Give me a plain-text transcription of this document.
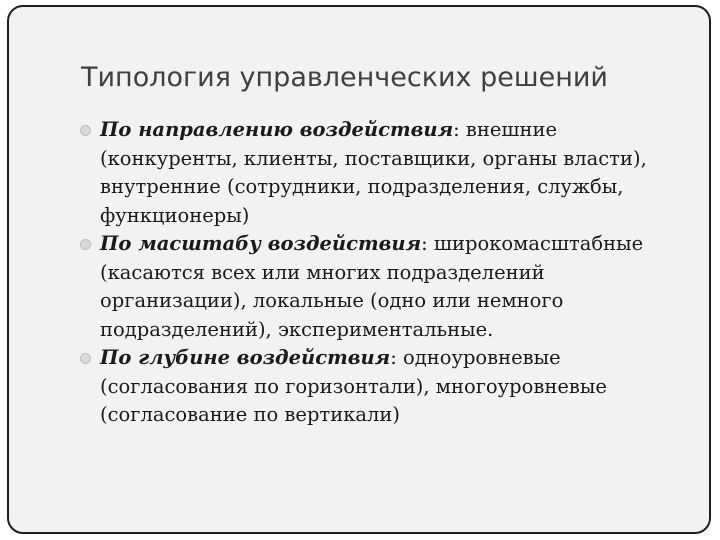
Типология управленческих решений
По направлению воздействия: внешние (конкуренты, клиенты, поставщики, органы власти), внутренние (сотрудники, подразделения, службы, функционеры)
По масштабу воздействия: широкомасштабные (касаются всех или многих подразделений организации), локальные (одно или немного подразделений), экспериментальные.
По глубине воздействия: одноуровневые (согласования по горизонтали), многоуровневые (согласование по вертикали)
